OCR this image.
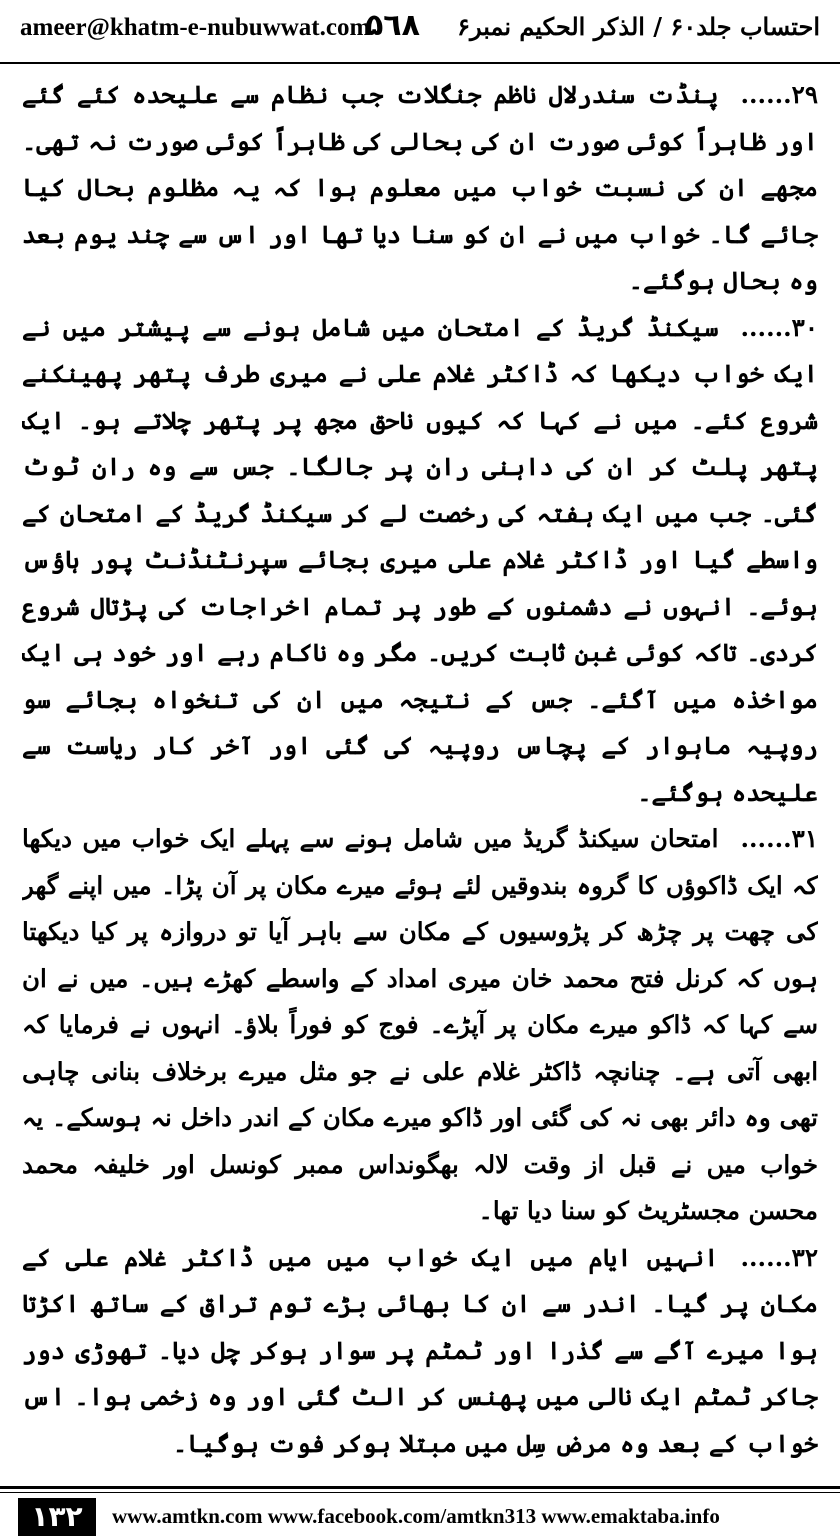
ameer@khatm-e-nubuwwat.com
۵٦۸ احتساب جلد۶۰ / الذکر الحکیم نمبر۶

۲۹......پنڈت سندرلال ناظم جنگلات جب نظام سے علیحدہ کئے گئے اور ظاہراً کوئی صورت ان کی بحالی کی ظاہراً کوئی صورت نہ تھی۔ مجھے ان کی نسبت خواب میں معلوم ہوا کہ یہ مظلوم بحال کیا جائے گا۔ خواب میں نے ان کو سنا دیا تھا اور اس سے چند یوم بعد وہ بحال ہوگئے۔

۳۰......سیکنڈ گریڈ کے امتحان میں شامل ہونے سے پیشتر میں نے ایک خواب دیکھا کہ ڈاکٹر غلام علی نے میری طرف پتھر پھینکنے شروع کئے۔ میں نے کہا کہ کیوں ناحق مجھ پر پتھر چلاتے ہو۔ ایک پتھر پلٹ کر ان کی داہنی ران پر جالگا۔ جس سے وہ ران ٹوٹ گئی۔ جب میں ایک ہفتہ کی رخصت لے کر سیکنڈ گریڈ کے امتحان کے واسطے گیا اور ڈاکٹر غلام علی میری بجائے سپرنٹنڈنٹ پور ہاؤس ہوئے۔ انہوں نے دشمنوں کے طور پر تمام اخراجات کی پڑتال شروع کردی۔ تاکہ کوئی غبن ثابت کریں۔ مگر وہ ناکام رہے اور خود ہی ایک مواخذہ میں آگئے۔ جس کے نتیجہ میں ان کی تنخواہ بجائے سو روپیہ ماہوار کے پچاس روپیہ کی گئی اور آخر کار ریاست سے علیحدہ ہوگئے۔

۳۱......امتحان سیکنڈ گریڈ میں شامل ہونے سے پہلے ایک خواب میں دیکھا کہ ایک ڈاکوؤں کا گروہ بندوقیں لئے ہوئے میرے مکان پر آن پڑا۔ میں اپنے گھر کی چھت پر چڑھ کر پڑوسیوں کے مکان سے باہر آیا تو دروازہ پر کیا دیکھتا ہوں کہ کرنل فتح محمد خان میری امداد کے واسطے کھڑے ہیں۔ میں نے ان سے کہا کہ ڈاکو میرے مکان پر آپڑے۔ فوج کو فوراً بلاؤ۔ انہوں نے فرمایا کہ ابھی آتی ہے۔ چنانچہ ڈاکٹر غلام علی نے جو مثل میرے برخلاف بنانی چاہی تھی وہ دائر بھی نہ کی گئی اور ڈاکو میرے مکان کے اندر داخل نہ ہوسکے۔ یہ خواب میں نے قبل از وقت لالہ بھگونداس ممبر کونسل اور خلیفہ محمد محسن مجسٹریٹ کو سنا دیا تھا۔

۳۲......انہیں ایام میں ایک خواب میں میں ڈاکٹر غلام علی کے مکان پر گیا۔ اندر سے ان کا بھائی بڑے توم تراق کے ساتھ اکڑتا ہوا میرے آگے سے گذرا اور ٹمٹم پر سوار ہوکر چل دیا۔ تھوڑی دور جاکر ٹمٹم ایک نالی میں پھنس کر الٹ گئی اور وہ زخمی ہوا۔ اس خواب کے بعد وہ مرض سِل میں مبتلا ہوکر فوت ہوگیا۔

۱۳۲	www.amtkn.com www.facebook.com/amtkn313 www.emaktaba.info
